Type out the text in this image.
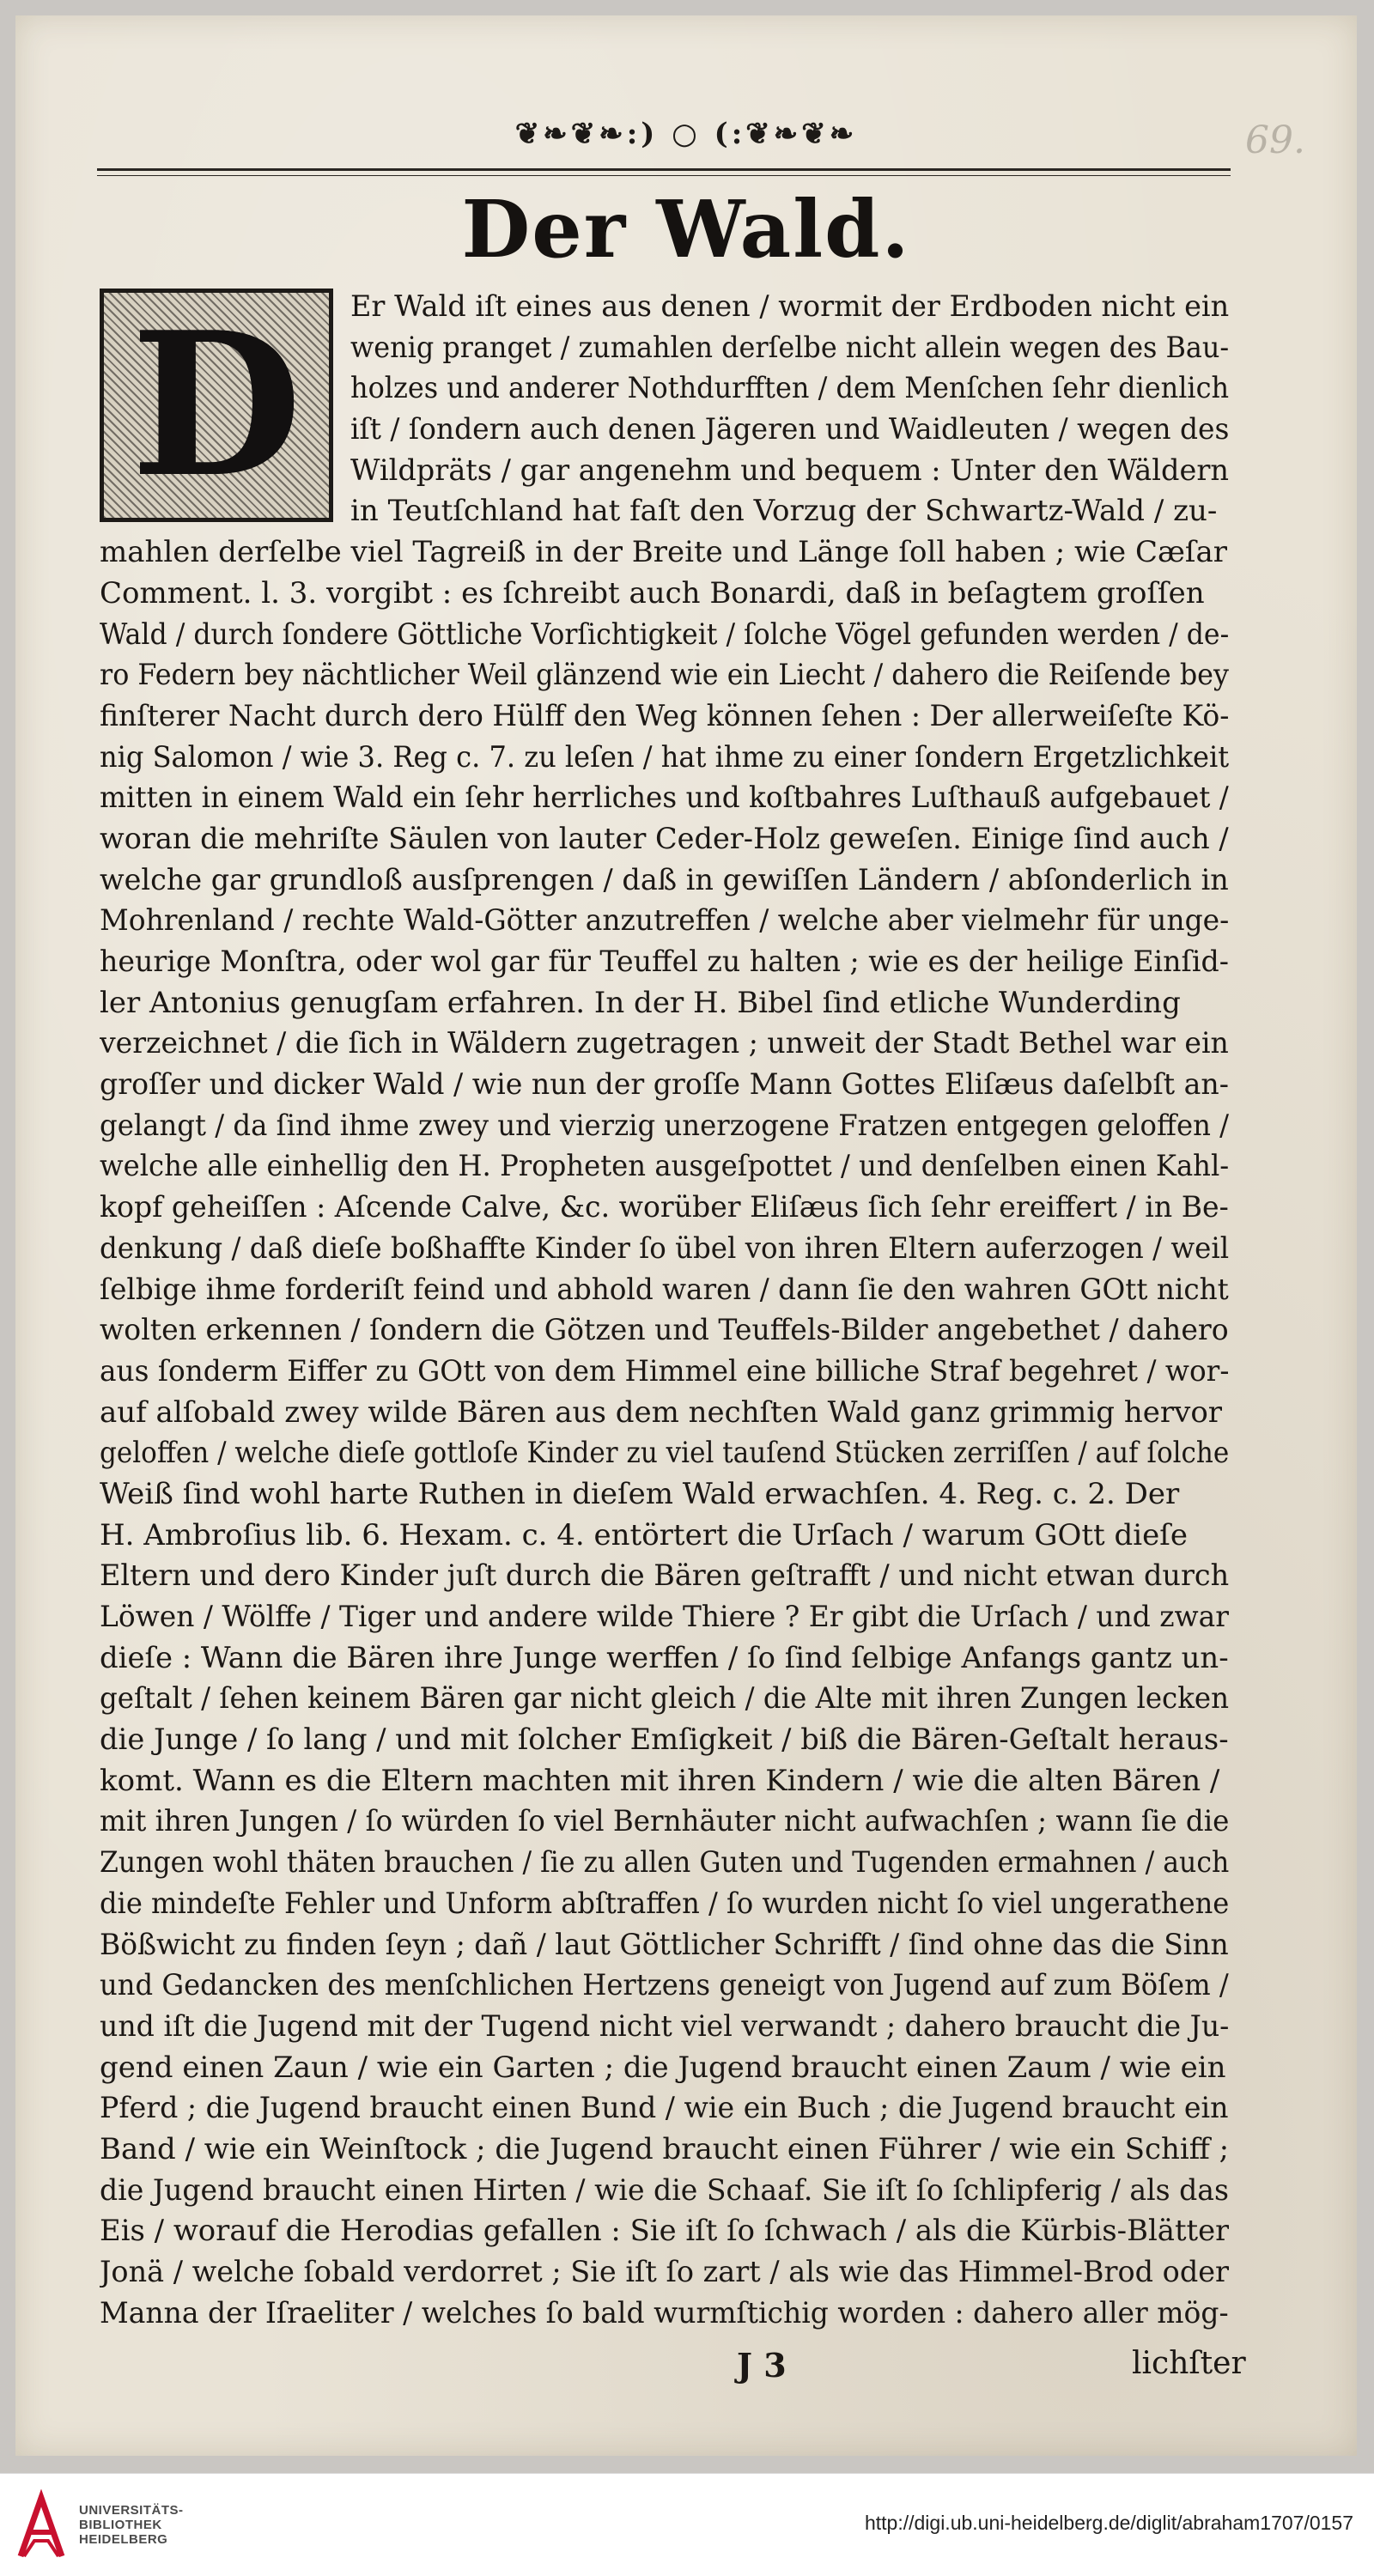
69.
❦❧❦❧:) ○ (:❦❧❦❧
Der Wald.
D	Er Wald iſt eines aus denen / wormit der Erdboden nicht ein
wenig pranget / zumahlen derſelbe nicht allein wegen des Bau-
holzes und anderer Nothdurfften / dem Menſchen ſehr dienlich
iſt / ſondern auch denen Jägeren und Waidleuten / wegen des
Wildpräts / gar angenehm und bequem : Unter den Wäldern
in Teutſchland hat faſt den Vorzug der Schwartz-Wald / zu-
mahlen derſelbe viel Tagreiß in der Breite und Länge ſoll haben ; wie Cæſar
Comment. l. 3. vorgibt : es ſchreibt auch Bonardi, daß in beſagtem groſſen
Wald / durch ſondere Göttliche Vorſichtigkeit / ſolche Vögel gefunden werden / de-
ro Federn bey nächtlicher Weil glänzend wie ein Liecht / dahero die Reiſende bey
finſterer Nacht durch dero Hülff den Weg können ſehen : Der allerweiſeſte Kö-
nig Salomon / wie 3. Reg c. 7. zu leſen / hat ihme zu einer ſondern Ergetzlichkeit
mitten in einem Wald ein ſehr herrliches und koſtbahres Luſthauß aufgebauet /
woran die mehriſte Säulen von lauter Ceder-Holz geweſen. Einige ſind auch /
welche gar grundloß ausſprengen / daß in gewiſſen Ländern / abſonderlich in
Mohrenland / rechte Wald-Götter anzutreffen / welche aber vielmehr für unge-
heurige Monſtra, oder wol gar für Teuffel zu halten ; wie es der heilige Einſid-
ler Antonius genugſam erfahren. In der H. Bibel ſind etliche Wunderding
verzeichnet / die ſich in Wäldern zugetragen ; unweit der Stadt Bethel war ein
groſſer und dicker Wald / wie nun der groſſe Mann Gottes Eliſæus daſelbſt an-
gelangt / da ſind ihme zwey und vierzig unerzogene Fratzen entgegen geloffen /
welche alle einhellig den H. Propheten ausgeſpottet / und denſelben einen Kahl-
kopf geheiſſen : Aſcende Calve, &c. worüber Eliſæus ſich ſehr ereiffert / in Be-
denkung / daß dieſe boßhaffte Kinder ſo übel von ihren Eltern auferzogen / weil
ſelbige ihme forderiſt feind und abhold waren / dann ſie den wahren GOtt nicht
wolten erkennen / ſondern die Götzen und Teuffels-Bilder angebethet / dahero
aus ſonderm Eiffer zu GOtt von dem Himmel eine billiche Straf begehret / wor-
auf alſobald zwey wilde Bären aus dem nechſten Wald ganz grimmig hervor
geloffen / welche dieſe gottloſe Kinder zu viel tauſend Stücken zerriſſen / auf ſolche
Weiß ſind wohl harte Ruthen in dieſem Wald erwachſen. 4. Reg. c. 2. Der
H. Ambroſius lib. 6. Hexam. c. 4. entörtert die Urſach / warum GOtt dieſe
Eltern und dero Kinder juſt durch die Bären geſtrafft / und nicht etwan durch
Löwen / Wölffe / Tiger und andere wilde Thiere ? Er gibt die Urſach / und zwar
dieſe : Wann die Bären ihre Junge werffen / ſo ſind ſelbige Anfangs gantz un-
geſtalt / ſehen keinem Bären gar nicht gleich / die Alte mit ihren Zungen lecken
die Junge / ſo lang / und mit ſolcher Emſigkeit / biß die Bären-Geſtalt heraus-
komt. Wann es die Eltern machten mit ihren Kindern / wie die alten Bären /
mit ihren Jungen / ſo würden ſo viel Bernhäuter nicht aufwachſen ; wann ſie die
Zungen wohl thäten brauchen / ſie zu allen Guten und Tugenden ermahnen / auch
die mindeſte Fehler und Unform abſtraffen / ſo wurden nicht ſo viel ungerathene
Bößwicht zu finden ſeyn ; dañ / laut Göttlicher Schrifft / ſind ohne das die Sinn
und Gedancken des menſchlichen Hertzens geneigt von Jugend auf zum Böſem /
und iſt die Jugend mit der Tugend nicht viel verwandt ; dahero braucht die Ju-
gend einen Zaun / wie ein Garten ; die Jugend braucht einen Zaum / wie ein
Pferd ; die Jugend braucht einen Bund / wie ein Buch ; die Jugend braucht ein
Band / wie ein Weinſtock ; die Jugend braucht einen Führer / wie ein Schiff ;
die Jugend braucht einen Hirten / wie die Schaaf. Sie iſt ſo ſchlipferig / als das
Eis / worauf die Herodias gefallen : Sie iſt ſo ſchwach / als die Kürbis-Blätter
Jonä / welche ſobald verdorret ; Sie iſt ſo zart / als wie das Himmel-Brod oder
Manna der Iſraeliter / welches ſo bald wurmſtichig worden : dahero aller mög-
J 3	lichſter
UNIVERSITÄTS-
BIBLIOTHEK
HEIDELBERG
http://digi.ub.uni-heidelberg.de/diglit/abraham1707/0157
